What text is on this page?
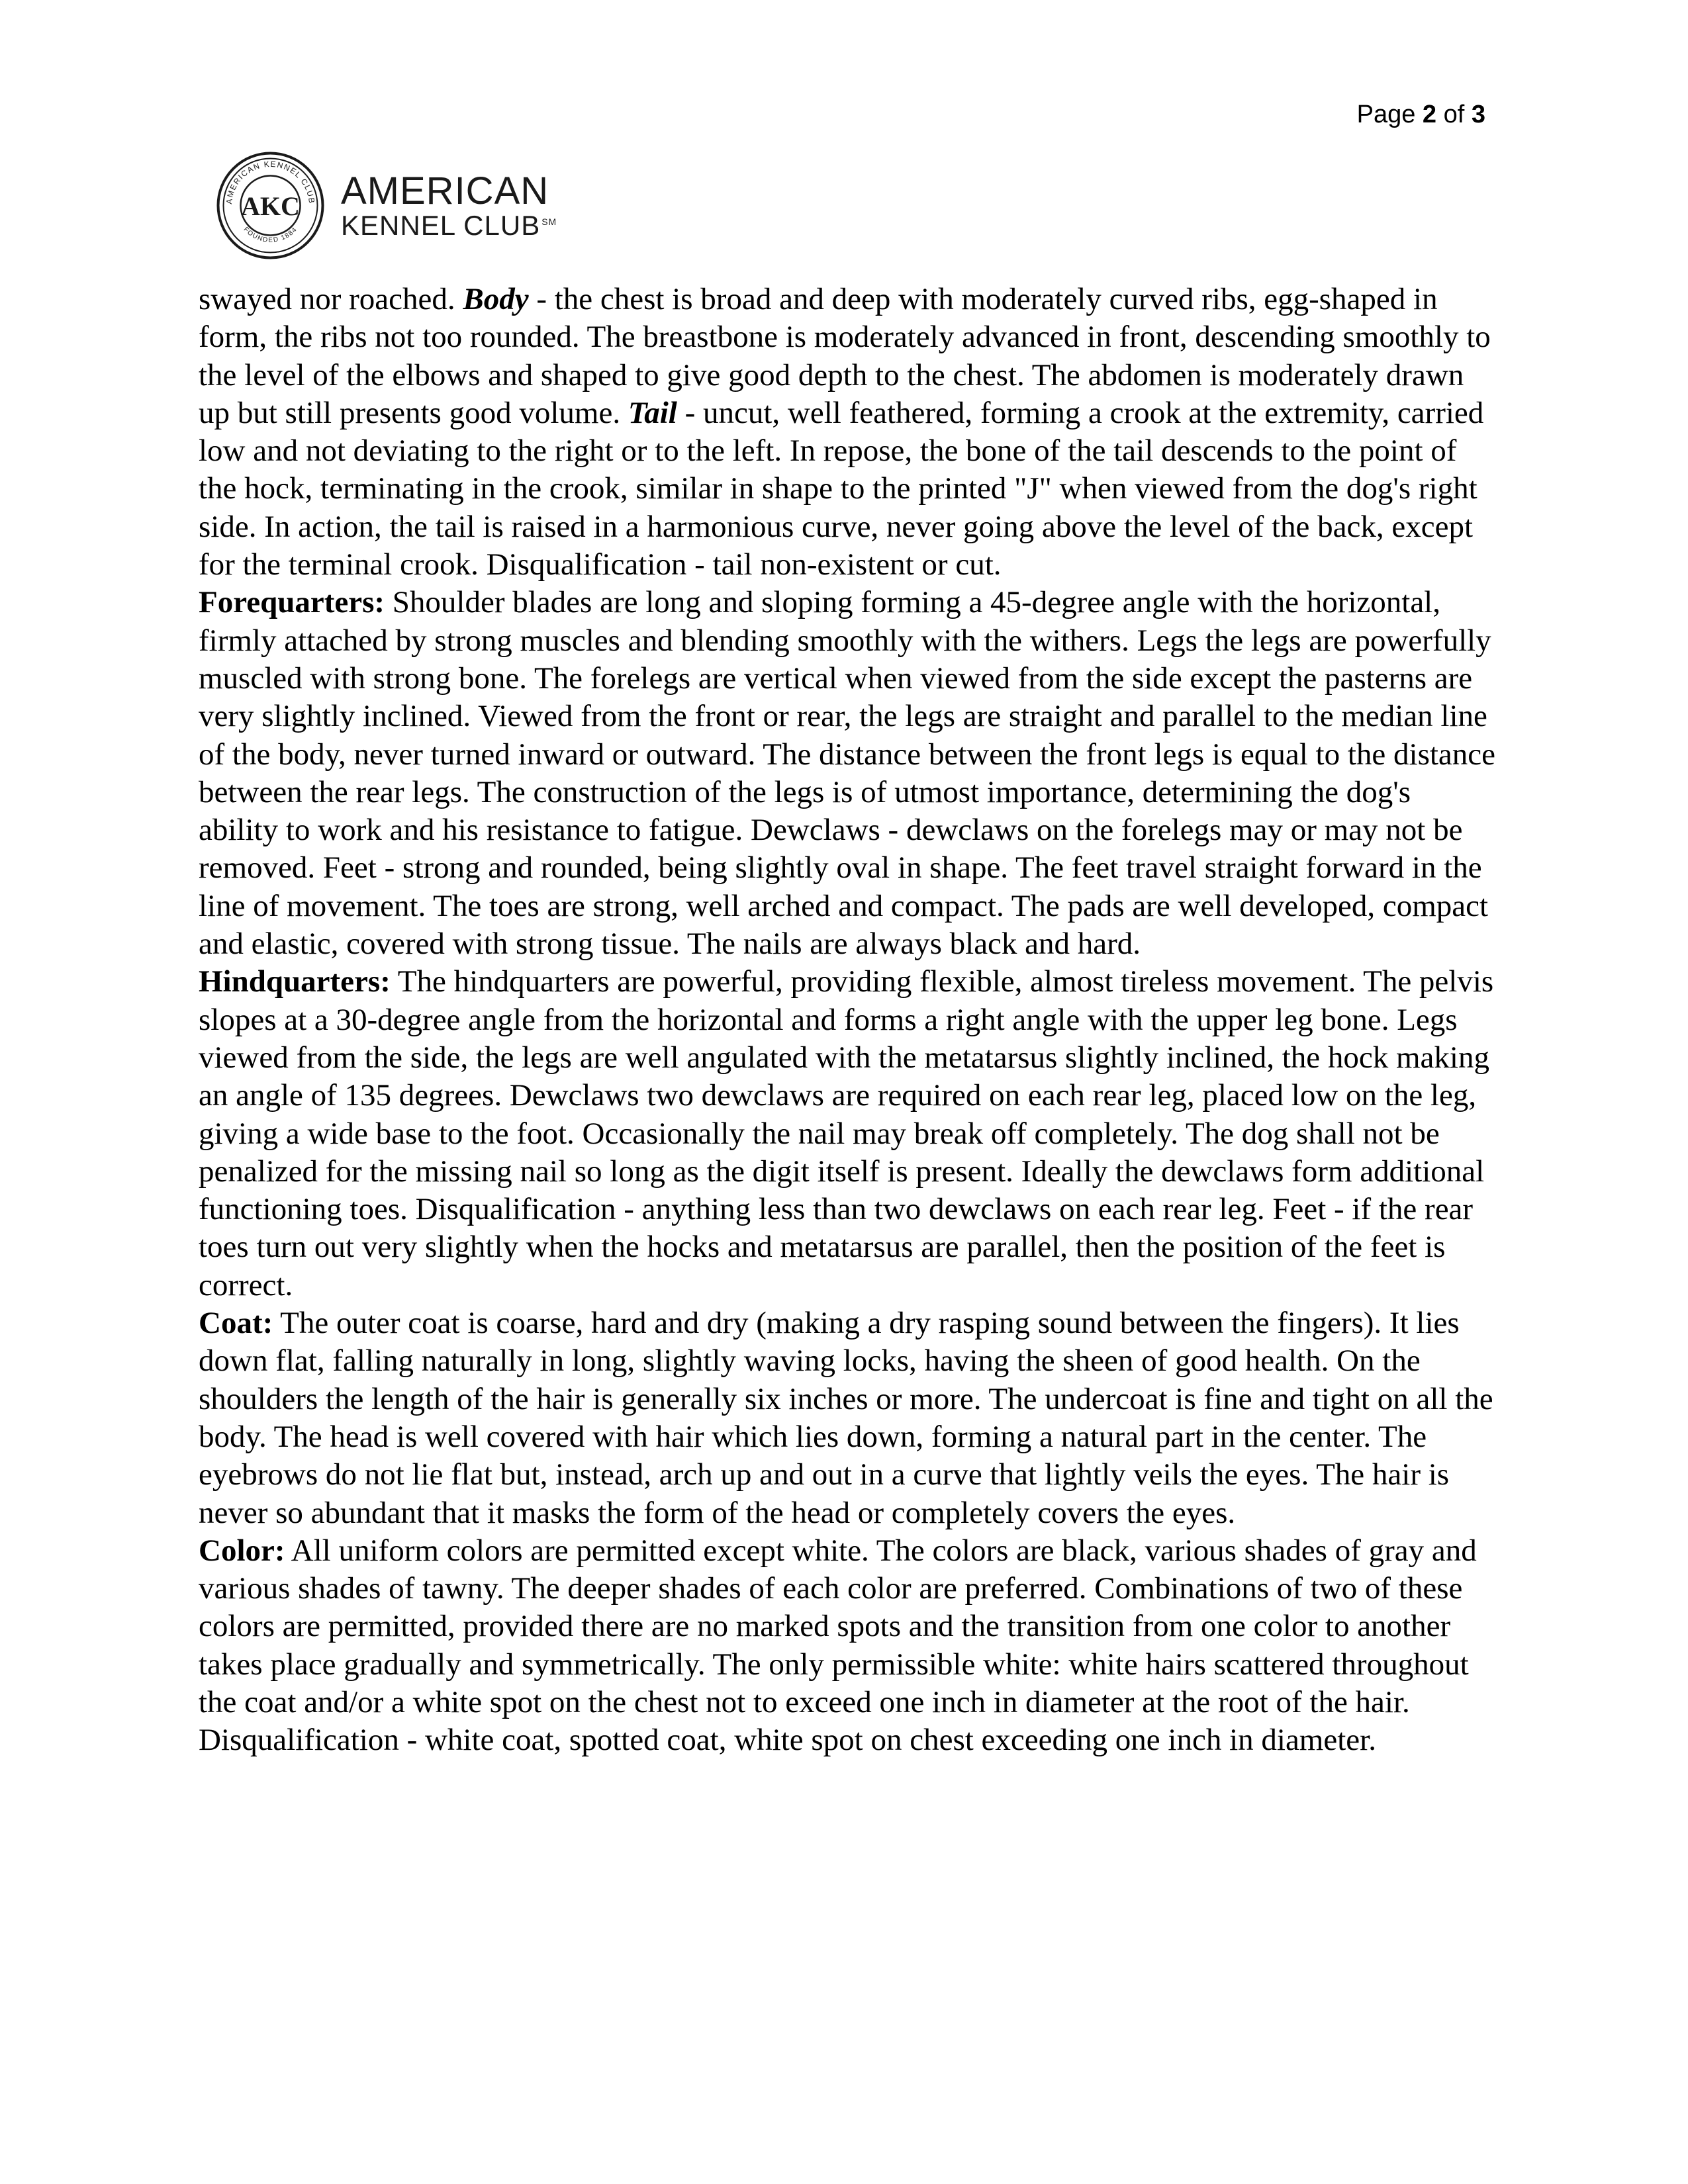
Page 2 of 3
AMERICAN KENNEL CLUB
FOUNDED 1884
AKC AMERICAN
KENNEL CLUB ℠

swayed nor roached. Body - the chest is broad and deep with moderately curved ribs, egg-shaped in form, the ribs not too rounded. The breastbone is moderately advanced in front, descending smoothly to the level of the elbows and shaped to give good depth to the chest. The abdomen is moderately drawn up but still presents good volume. Tail - uncut, well feathered, forming a crook at the extremity, carried low and not deviating to the right or to the left. In repose, the bone of the tail descends to the point of the hock, terminating in the crook, similar in shape to the printed "J" when viewed from the dog's right side. In action, the tail is raised in a harmonious curve, never going above the level of the back, except for the terminal crook. Disqualification - tail non-existent or cut.

Forequarters: Shoulder blades are long and sloping forming a 45-degree angle with the horizontal, firmly attached by strong muscles and blending smoothly with the withers. Legs the legs are powerfully muscled with strong bone. The forelegs are vertical when viewed from the side except the pasterns are very slightly inclined. Viewed from the front or rear, the legs are straight and parallel to the median line of the body, never turned inward or outward. The distance between the front legs is equal to the distance between the rear legs. The construction of the legs is of utmost importance, determining the dog's ability to work and his resistance to fatigue. Dewclaws - dewclaws on the forelegs may or may not be removed. Feet - strong and rounded, being slightly oval in shape. The feet travel straight forward in the line of movement. The toes are strong, well arched and compact. The pads are well developed, compact and elastic, covered with strong tissue. The nails are always black and hard.

Hindquarters: The hindquarters are powerful, providing flexible, almost tireless movement. The pelvis slopes at a 30-degree angle from the horizontal and forms a right angle with the upper leg bone. Legs viewed from the side, the legs are well angulated with the metatarsus slightly inclined, the hock making an angle of 135 degrees. Dewclaws two dewclaws are required on each rear leg, placed low on the leg, giving a wide base to the foot. Occasionally the nail may break off completely. The dog shall not be penalized for the missing nail so long as the digit itself is present. Ideally the dewclaws form additional functioning toes. Disqualification - anything less than two dewclaws on each rear leg. Feet - if the rear toes turn out very slightly when the hocks and metatarsus are parallel, then the position of the feet is correct.

Coat: The outer coat is coarse, hard and dry (making a dry rasping sound between the fingers). It lies down flat, falling naturally in long, slightly waving locks, having the sheen of good health. On the shoulders the length of the hair is generally six inches or more. The undercoat is fine and tight on all the body. The head is well covered with hair which lies down, forming a natural part in the center. The eyebrows do not lie flat but, instead, arch up and out in a curve that lightly veils the eyes. The hair is never so abundant that it masks the form of the head or completely covers the eyes.

Color: All uniform colors are permitted except white. The colors are black, various shades of gray and various shades of tawny. The deeper shades of each color are preferred. Combinations of two of these colors are permitted, provided there are no marked spots and the transition from one color to another takes place gradually and symmetrically. The only permissible white: white hairs scattered throughout the coat and/or a white spot on the chest not to exceed one inch in diameter at the root of the hair. Disqualification - white coat, spotted coat, white spot on chest exceeding one inch in diameter.
